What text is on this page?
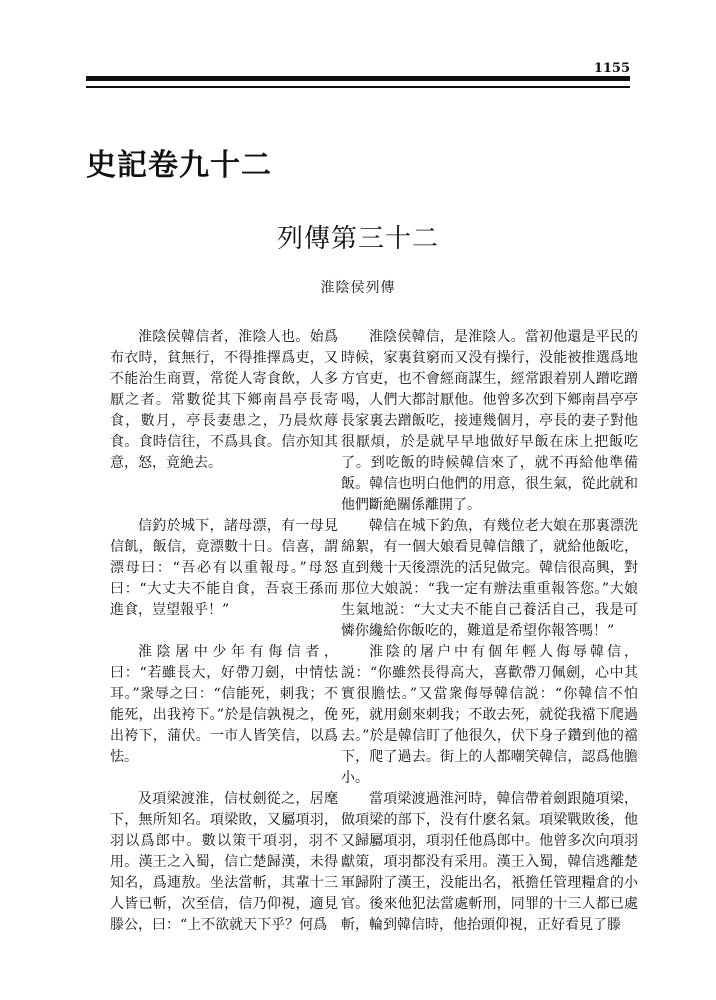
1155
史記卷九十二
列傳第三十二
淮陰侯列傳

淮陰侯韓信者，淮陰人也。始爲布衣時，貧無行，不得推擇爲吏，又不能治生商賈，常從人寄食飲，人多厭之者。常數從其下鄉南昌亭長寄食，數月，亭長妻患之，乃晨炊蓐食。食時信往，不爲具食。信亦知其意，怒，竟絶去。

信釣於城下，諸母漂，有一母見信飢，飯信，竟漂數十日。信喜，謂漂母曰：“吾必有以重報母。”母怒曰：“大丈夫不能自食，吾哀王孫而進食，豈望報乎！”

淮陰屠中少年有侮信者，曰：“若雖長大，好帶刀劍，中情怯耳。”衆辱之曰：“信能死，刺我；不能死，出我袴下。”於是信孰視之，俛出袴下，蒲伏。一市人皆笑信，以爲怯。

及項梁渡淮，信杖劍從之，居麾下，無所知名。項梁敗，又屬項羽，羽以爲郎中。數以策干項羽，羽不用。漢王之入蜀，信亡楚歸漢，未得知名，爲連敖。坐法當斬，其輩十三人皆已斬，次至信，信乃仰視，適見滕公，曰：“上不欲就天下乎？何爲

淮陰侯韓信，是淮陰人。當初他還是平民的時候，家裏貧窮而又没有操行，没能被推選爲地方官吏，也不會經商謀生，經常跟着别人蹭吃蹭喝，人們大都討厭他。他曾多次到下鄉南昌亭亭長家裏去蹭飯吃，接連幾個月，亭長的妻子對他很厭煩，於是就早早地做好早飯在床上把飯吃了。到吃飯的時候韓信來了，就不再給他準備飯。韓信也明白他們的用意，很生氣，從此就和他們斷絶關係離開了。

韓信在城下釣魚，有幾位老大娘在那裏漂洗綿絮，有一個大娘看見韓信餓了，就給他飯吃，直到幾十天後漂洗的活兒做完。韓信很高興，對那位大娘説：“我一定有辦法重重報答您。”大娘生氣地説：“大丈夫不能自己養活自己，我是可憐你纔給你飯吃的，難道是希望你報答嗎！”

淮陰的屠户中有個年輕人侮辱韓信，説：“你雖然長得高大，喜歡帶刀佩劍，心中其實很膽怯。”又當衆侮辱韓信説：“你韓信不怕死，就用劍來刺我；不敢去死，就從我襠下爬過去。”於是韓信盯了他很久，伏下身子鑽到他的襠下，爬了過去。街上的人都嘲笑韓信，認爲他膽小。

當項梁渡過淮河時，韓信帶着劍跟隨項梁，做項梁的部下，没有什麽名氣。項梁戰敗後，他又歸屬項羽，項羽任他爲郎中。他曾多次向項羽獻策，項羽都没有采用。漢王入蜀，韓信逃離楚軍歸附了漢王，没能出名，衹擔任管理糧倉的小官。後來他犯法當處斬刑，同罪的十三人都已處斬，輪到韓信時，他抬頭仰視，正好看見了滕
